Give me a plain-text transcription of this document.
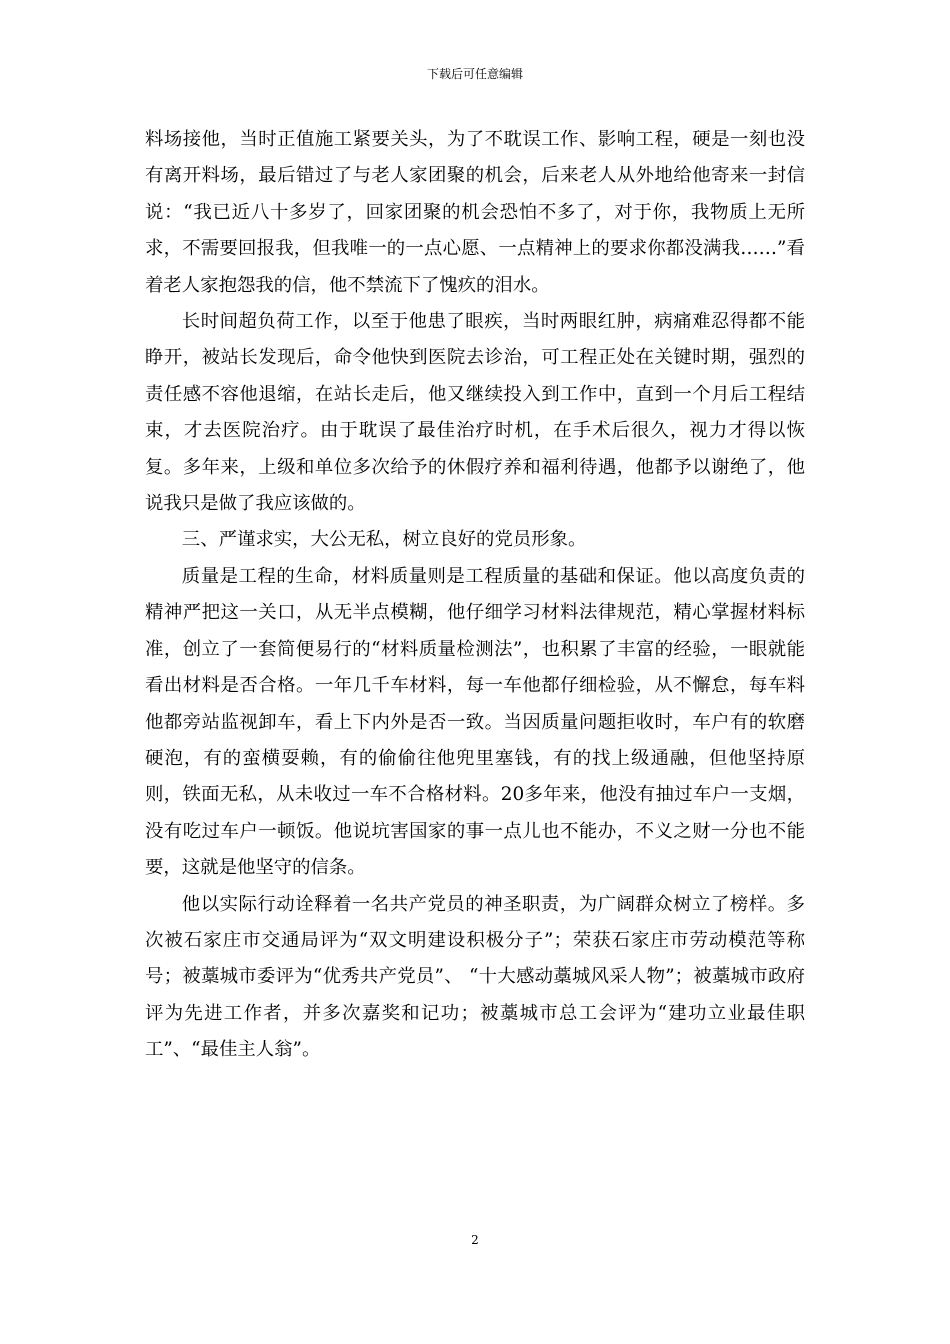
下载后可任意编辑

料场接他，当时正值施工紧要关头，为了不耽误工作、影响工程，硬是一刻也没有离开料场，最后错过了与老人家团聚的机会，后来老人从外地给他寄来一封信说：“我已近八十多岁了，回家团聚的机会恐怕不多了，对于你，我物质上无所求，不需要回报我，但我唯一的一点心愿、一点精神上的要求你都没满我……”看着老人家抱怨我的信，他不禁流下了愧疚的泪水。

长时间超负荷工作，以至于他患了眼疾，当时两眼红肿，病痛难忍得都不能睁开，被站长发现后，命令他快到医院去诊治，可工程正处在关键时期，强烈的责任感不容他退缩，在站长走后，他又继续投入到工作中，直到一个月后工程结束，才去医院治疗。由于耽误了最佳治疗时机，在手术后很久，视力才得以恢复。多年来，上级和单位多次给予的休假疗养和福利待遇，他都予以谢绝了，他说我只是做了我应该做的。

三、严谨求实，大公无私，树立良好的党员形象。

质量是工程的生命，材料质量则是工程质量的基础和保证。他以高度负责的精神严把这一关口，从无半点模糊，他仔细学习材料法律规范，精心掌握材料标准，创立了一套简便易行的“材料质量检测法”，也积累了丰富的经验，一眼就能看出材料是否合格。一年几千车材料，每一车他都仔细检验，从不懈怠，每车料他都旁站监视卸车，看上下内外是否一致。当因质量问题拒收时，车户有的软磨硬泡，有的蛮横耍赖，有的偷偷往他兜里塞钱，有的找上级通融，但他坚持原则，铁面无私，从未收过一车不合格材料。20多年来，他没有抽过车户一支烟，没有吃过车户一顿饭。他说坑害国家的事一点儿也不能办，不义之财一分也不能要，这就是他坚守的信条。

他以实际行动诠释着一名共产党员的神圣职责，为广阔群众树立了榜样。多次被石家庄市交通局评为“双文明建设积极分子”；荣获石家庄市劳动模范等称号；被藁城市委评为“优秀共产党员”、 “十大感动藁城风采人物”；被藁城市政府评为先进工作者，并多次嘉奖和记功；被藁城市总工会评为“建功立业最佳职工”、“最佳主人翁”。

2
